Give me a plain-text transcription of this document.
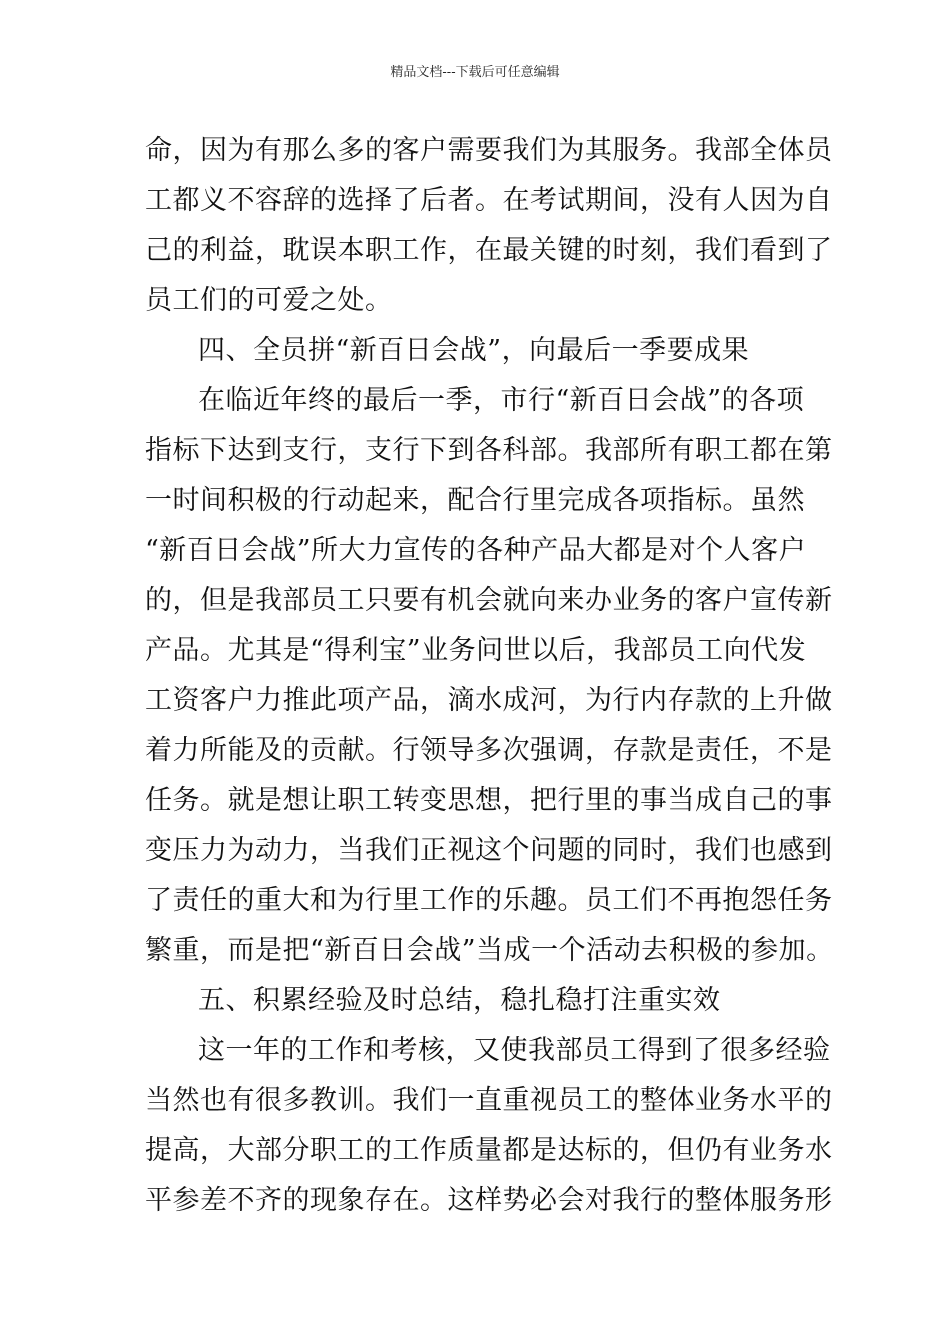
精品文档---下载后可任意编辑
命，因为有那么多的客户需要我们为其服务。我部全体员
工都义不容辞的选择了后者。在考试期间，没有人因为自
己的利益，耽误本职工作，在最关键的时刻，我们看到了
员工们的可爱之处。
四、全员拼“新百日会战”，向最后一季要成果
在临近年终的最后一季，市行“新百日会战”的各项
指标下达到支行，支行下到各科部。我部所有职工都在第
一时间积极的行动起来，配合行里完成各项指标。虽然
“新百日会战”所大力宣传的各种产品大都是对个人客户
的，但是我部员工只要有机会就向来办业务的客户宣传新
产品。尤其是“得利宝”业务问世以后，我部员工向代发
工资客户力推此项产品，滴水成河，为行内存款的上升做
着力所能及的贡献。行领导多次强调，存款是责任，不是
任务。就是想让职工转变思想，把行里的事当成自己的事
变压力为动力，当我们正视这个问题的同时，我们也感到
了责任的重大和为行里工作的乐趣。员工们不再抱怨任务
繁重，而是把“新百日会战”当成一个活动去积极的参加。
五、积累经验及时总结，稳扎稳打注重实效
这一年的工作和考核，又使我部员工得到了很多经验
当然也有很多教训。我们一直重视员工的整体业务水平的
提高，大部分职工的工作质量都是达标的，但仍有业务水
平参差不齐的现象存在。这样势必会对我行的整体服务形
